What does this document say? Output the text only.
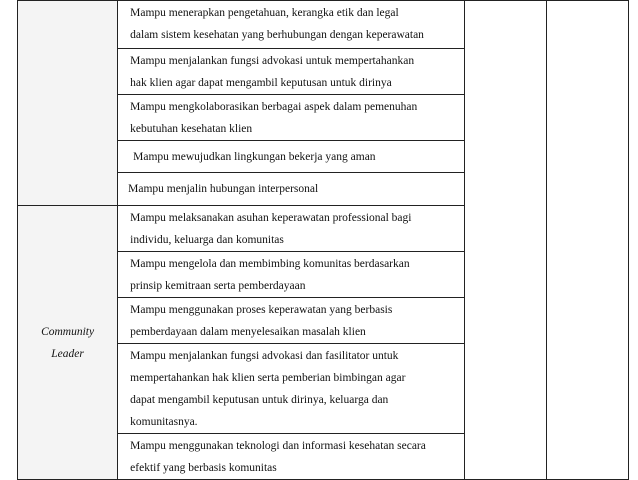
	Mampu menerapkan pengetahuan, kerangka etik dan legal
dalam sistem kesehatan yang berhubungan dengan keperawatan		

	Mampu menjalankan fungsi advokasi untuk mempertahankan
hak klien agar dapat mengambil keputusan untuk dirinya		

	Mampu mengkolaborasikan berbagai aspek dalam pemenuhan
kebutuhan kesehatan klien		

	Mampu mewujudkan lingkungan bekerja yang aman		

	Mampu menjalin hubungan interpersonal		

Community
Leader	Mampu melaksanakan asuhan keperawatan professional bagi
individu, keluarga dan komunitas		

	Mampu mengelola dan membimbing komunitas berdasarkan
prinsip kemitraan serta pemberdayaan		

	Mampu menggunakan proses keperawatan yang berbasis
pemberdayaan dalam menyelesaikan masalah klien		

	Mampu menjalankan fungsi advokasi dan fasilitator untuk
mempertahankan hak klien serta pemberian bimbingan agar
dapat mengambil keputusan untuk dirinya, keluarga dan
komunitasnya.		

	Mampu menggunakan teknologi dan informasi kesehatan secara
efektif yang berbasis komunitas		
